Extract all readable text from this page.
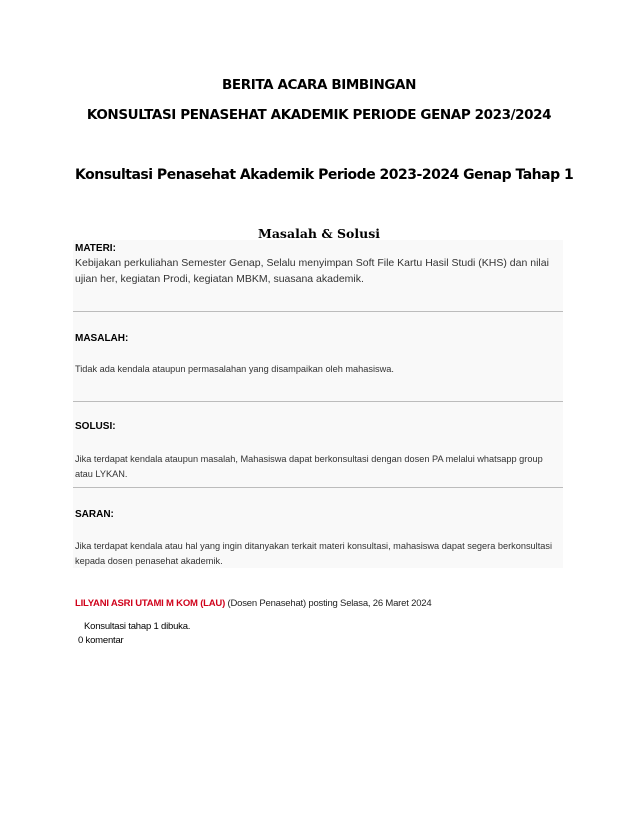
BERITA ACARA BIMBINGAN
KONSULTASI PENASEHAT AKADEMIK PERIODE GENAP 2023/2024
Konsultasi Penasehat Akademik Periode 2023-2024 Genap Tahap 1
Masalah & Solusi
MATERI:
Kebijakan perkuliahan Semester Genap, Selalu menyimpan Soft File Kartu Hasil Studi (KHS) dan nilai ujian her, kegiatan Prodi, kegiatan MBKM, suasana akademik.
MASALAH:
Tidak ada kendala ataupun permasalahan yang disampaikan oleh mahasiswa.
SOLUSI:
Jika terdapat kendala ataupun masalah, Mahasiswa dapat berkonsultasi dengan dosen PA melalui whatsapp group atau LYKAN.
SARAN:
Jika terdapat kendala atau hal yang ingin ditanyakan terkait materi konsultasi, mahasiswa dapat segera berkonsultasi kepada dosen penasehat akademik.
LILYANI ASRI UTAMI M KOM (LAU) (Dosen Penasehat) posting Selasa, 26 Maret 2024
Konsultasi tahap 1 dibuka.
0 komentar
